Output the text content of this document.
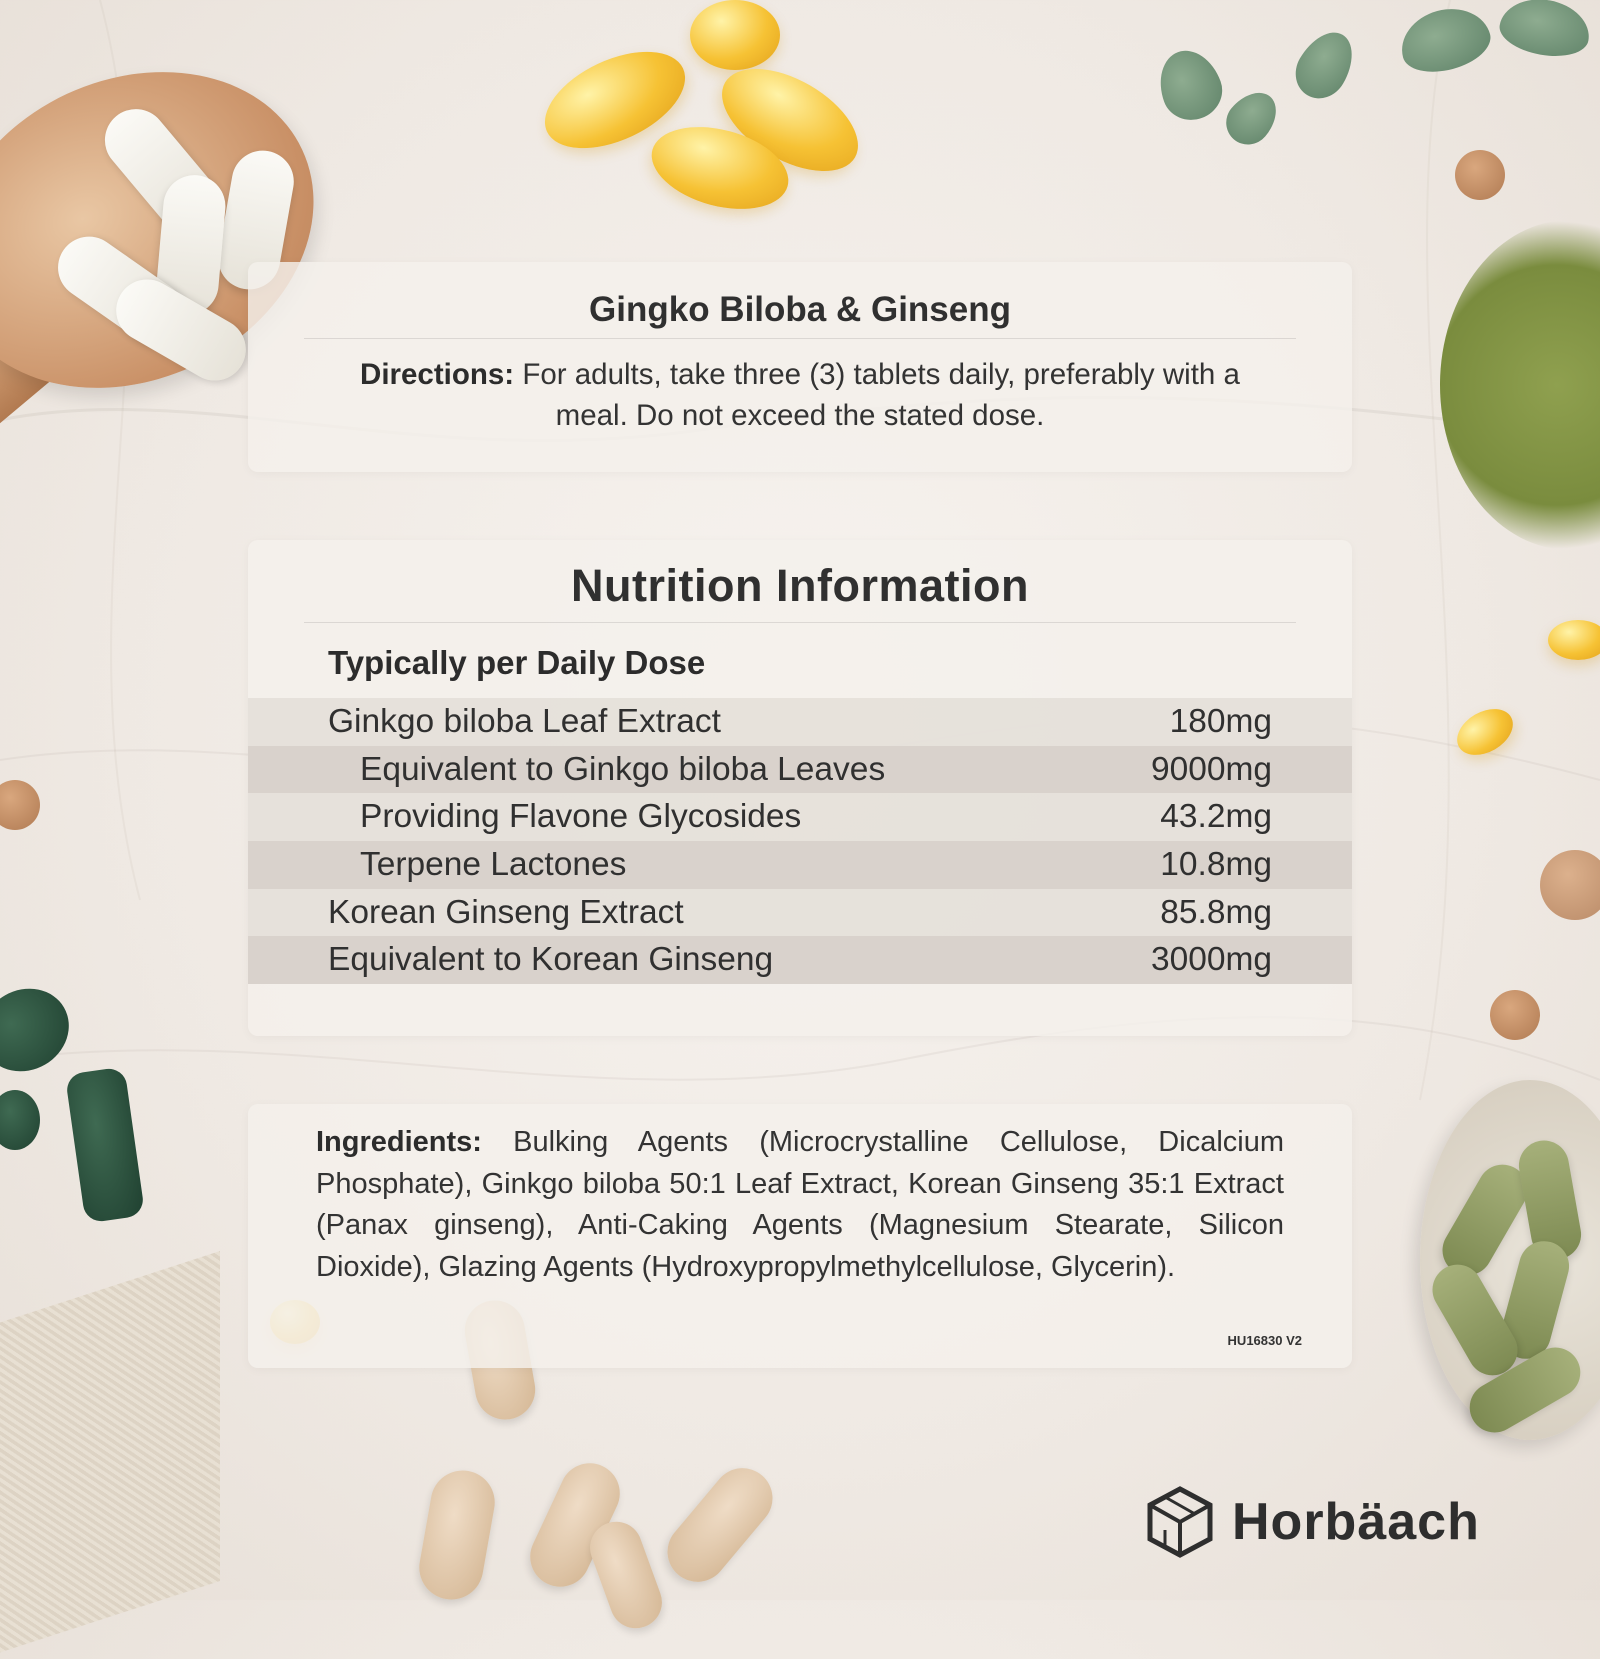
Gingko Biloba & Ginseng
Directions: For adults, take three (3) tablets daily, preferably with a meal. Do not exceed the stated dose.
Nutrition Information
Typically per Daily Dose
Ginkgo biloba Leaf Extract	180mg
Equivalent to Ginkgo biloba Leaves	9000mg
Providing Flavone Glycosides	43.2mg
Terpene Lactones	10.8mg
Korean Ginseng Extract	85.8mg
Equivalent to Korean Ginseng	3000mg
Ingredients: Bulking Agents (Microcrystalline Cellulose, Dicalcium Phosphate), Ginkgo biloba 50:1 Leaf Extract, Korean Ginseng 35:1 Extract (Panax ginseng), Anti-Caking Agents (Magnesium Stearate, Silicon Dioxide), Glazing Agents (Hydroxypropylmethylcellulose, Glycerin).
HU16830 V2
Horbäach
